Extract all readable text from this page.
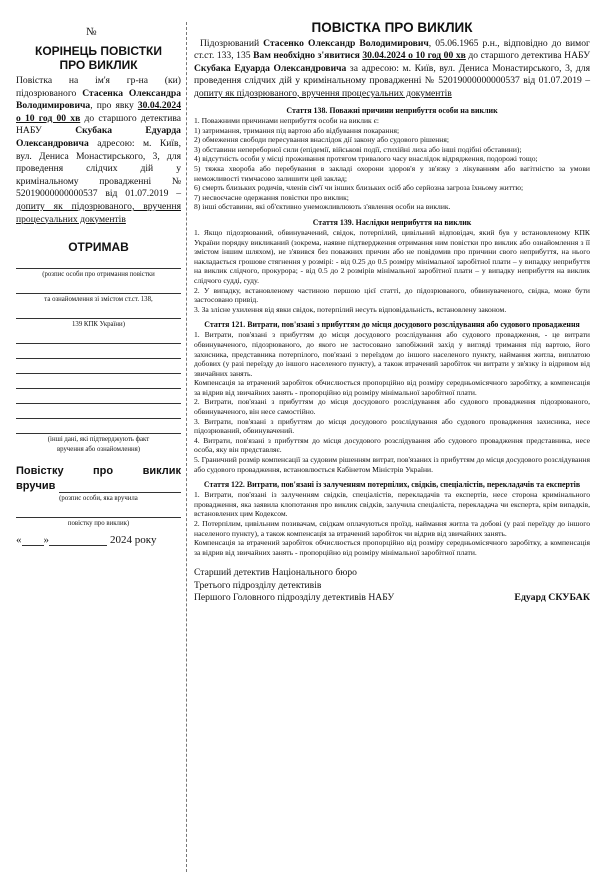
№
КОРІНЕЦЬ ПОВІСТКИ
ПРО ВИКЛИК
Повістка на ім'я гр-на (ки) підозрюваного Стасенка Олександра Володимировича, про явку 30.04.2024 о 10 год 00 хв до старшого детектива НАБУ Скубака Едуарда Олександровича адресою: м. Київ, вул. Дениса Монастирського, 3, для проведення слідчих дій у кримінальному провадженні № 52019000000000537 від 01.07.2019 – допиту як підозрюваного, вручення процесуальних документів
ОТРИМАВ
(розпис особи про отримання повістки
та ознайомлення зі змістом ст.ст. 138,
139 КПК України)
(інші дані, які підтверджують факт
вручення або ознайомлення)
Повістку про виклик
вручив
(розпис особи, яка вручила
повістку про виклик)
« »	2024 року
ПОВІСТКА ПРО ВИКЛИК
Підозрюваний Стасенко Олександр Володимирович, 05.06.1965 р.н., відповідно до вимог ст.ст. 133, 135 Вам необхідно з'явитися 30.04.2024 о 10 год 00 хв до старшого детектива НАБУ Скубака Едуарда Олександровича за адресою: м. Київ, вул. Дениса Монастирського, 3, для проведення слідчих дій у кримінальному провадженні № 52019000000000537 від 01.07.2019 – допиту як підозрюваного, вручення процесуальних документів
Стаття 138. Поважні причини неприбуття особи на виклик

1. Поважними причинами неприбуття особи на виклик є:

1) затримання, тримання під вартою або відбування покарання;

2) обмеження свободи пересування внаслідок дії закону або судового рішення;

3) обставини непереборної сили (епідемії, військові події, стихійні лиха або інші подібні обставини);

4) відсутність особи у місці проживання протягом тривалого часу внаслідок відрядження, подорожі тощо;

5) тяжка хвороба або перебування в закладі охорони здоров'я у зв'язку з лікуванням або вагітністю за умови неможливості тимчасово залишити цей заклад;

6) смерть близьких родичів, членів сім'ї чи інших близьких осіб або серйозна загроза їхньому життю;

7) несвоєчасне одержання повістки про виклик;

8) інші обставини, які об'єктивно унеможливлюють з'явлення особи на виклик.

Стаття 139. Наслідки неприбуття на виклик

1. Якщо підозрюваний, обвинувачений, свідок, потерпілий, цивільний відповідач, який був у встановленому КПК України порядку викликаний (зокрема, наявне підтвердження отримання ним повістки про виклик або ознайомлення з її змістом іншим шляхом), не з'явився без поважних причин або не повідомив про причини свого неприбуття, на нього накладається грошове стягнення у розмірі: - від 0.25 до 0.5 розміру мінімальної заробітної плати – у випадку неприбуття на виклик слідчого, прокурора; - від 0.5 до 2 розмірів мінімальної заробітної плати – у випадку неприбуття на виклик слідчого судді, суду.

2. У випадку, встановленому частиною першою цієї статті, до підозрюваного, обвинуваченого, свідка, може бути застосовано привід.

3. За злісне ухилення від явки свідок, потерпілий несуть відповідальність, встановлену законом.

Стаття 121. Витрати, пов'язані з прибуттям до місця досудового розслідування або судового провадження

1. Витрати, пов'язані з прибуттям до місця досудового розслідування або судового провадження, - це витрати обвинуваченого, підозрюваного, до якого не застосовано запобіжний захід у вигляді тримання під вартою, його захисника, представника потерпілого, пов'язані з переїздом до іншого населеного пункту, наймання житла, виплатою добових (у разі переїзду до іншого населеного пункту), а також втрачений заробіток чи витрати у зв'язку із відривом від звичайних занять.

Компенсація за втрачений заробіток обчислюється пропорційно від розміру середньомісячного заробітку, а компенсація за відрив від звичайних занять - пропорційно від розміру мінімальної заробітної плати.

2. Витрати, пов'язані з прибуттям до місця досудового розслідування або судового провадження підозрюваного, обвинуваченого, він несе самостійно.

3. Витрати, пов'язані з прибуттям до місця досудового розслідування або судового провадження захисника, несе підозрюваний, обвинувачений.

4. Витрати, пов'язані з прибуттям до місця досудового розслідування або судового провадження представника, несе особа, яку він представляє.

5. Граничний розмір компенсації за судовим рішенням витрат, пов'язаних із прибуттям до місця досудового розслідування або судового провадження, встановлюється Кабінетом Міністрів України.

Стаття 122. Витрати, пов'язані із залученням потерпілих, свідків, спеціалістів, перекладачів та експертів

1. Витрати, пов'язані із залученням свідків, спеціалістів, перекладачів та експертів, несе сторона кримінального провадження, яка заявила клопотання про виклик свідків, залучила спеціаліста, перекладача чи експерта, крім випадків, встановлених цим Кодексом.

2. Потерпілим, цивільним позивачам, свідкам оплачуються проїзд, наймання житла та добові (у разі переїзду до іншого населеного пункту), а також компенсація за втрачений заробіток чи відрив від звичайних занять.

Компенсація за втрачений заробіток обчислюється пропорційно від розміру середньомісячного заробітку, а компенсація за відрив від звичайних занять - пропорційно від розміру мінімальної заробітної плати.

Старший детектив Національного бюро
Третього підрозділу детективів
Першого Головного підрозділу детективів НАБУ	Едуард СКУБАК
